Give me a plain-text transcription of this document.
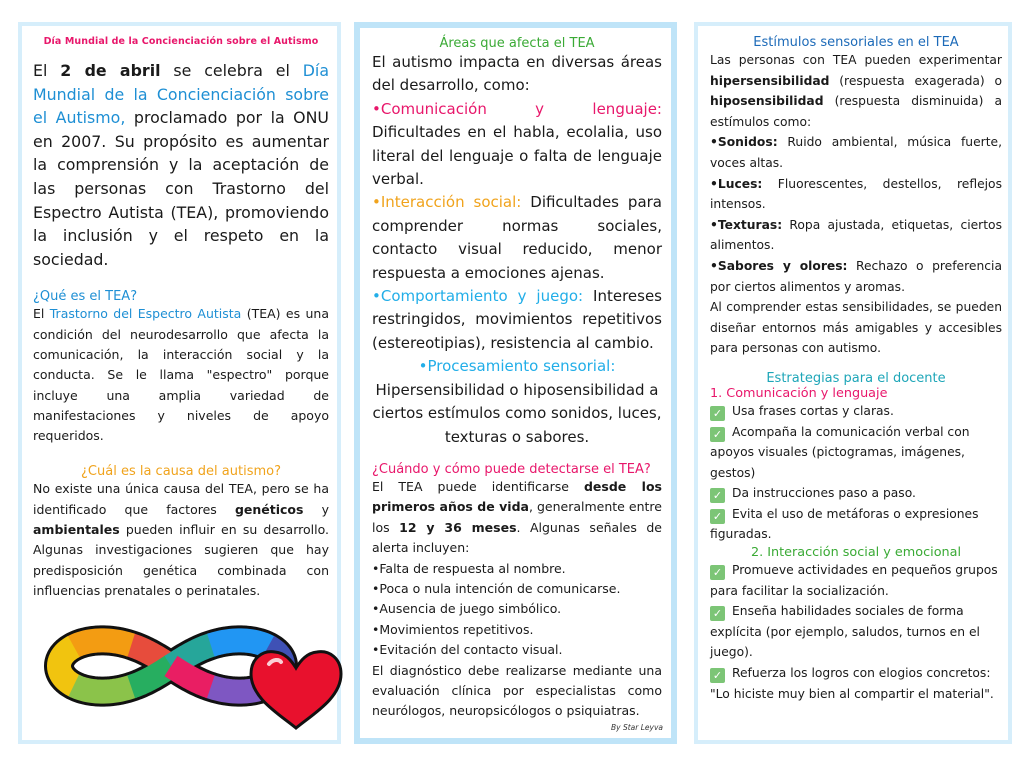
Día Mundial de la Concienciación sobre el Autismo

El 2 de abril se celebra el Día Mundial de la Concienciación sobre el Autismo, proclamado por la ONU en 2007. Su propósito es aumentar la comprensión y la aceptación de las personas con Trastorno del Espectro Autista (TEA), promoviendo la inclusión y el respeto en la sociedad.

¿Qué es el TEA?

El Trastorno del Espectro Autista (TEA) es una condición del neurodesarrollo que afecta la comunicación, la interacción social y la conducta. Se le llama "espectro" porque incluye una amplia variedad de manifestaciones y niveles de apoyo requeridos.

¿Cuál es la causa del autismo?

No existe una única causa del TEA, pero se ha identificado que factores genéticos y ambientales pueden influir en su desarrollo. Algunas investigaciones sugieren que hay predisposición genética combinada con influencias prenatales o perinatales.

Áreas que afecta el TEA

El autismo impacta en diversas áreas del desarrollo, como:

•Comunicación y lenguaje: Dificultades en el habla, ecolalia, uso literal del lenguaje o falta de lenguaje verbal.

•Interacción social: Dificultades para comprender normas sociales, contacto visual reducido, menor respuesta a emociones ajenas.

•Comportamiento y juego: Intereses restringidos, movimientos repetitivos (estereotipias), resistencia al cambio.

•Procesamiento sensorial:

Hipersensibilidad o hiposensibilidad a ciertos estímulos como sonidos, luces, texturas o sabores.

¿Cuándo y cómo puede detectarse el TEA?

El TEA puede identificarse desde los primeros años de vida, generalmente entre los 12 y 36 meses. Algunas señales de alerta incluyen:

•Falta de respuesta al nombre.
•Poca o nula intención de comunicarse.
•Ausencia de juego simbólico.
•Movimientos repetitivos.
•Evitación del contacto visual.

El diagnóstico debe realizarse mediante una evaluación clínica por especialistas como neurólogos, neuropsicólogos o psiquiatras.

By Star Leyva
Estímulos sensoriales en el TEA

Las personas con TEA pueden experimentar hipersensibilidad (respuesta exagerada) o hiposensibilidad (respuesta disminuida) a estímulos como:

•Sonidos: Ruido ambiental, música fuerte, voces altas.

•Luces: Fluorescentes, destellos, reflejos intensos.

•Texturas: Ropa ajustada, etiquetas, ciertos alimentos.

•Sabores y olores: Rechazo o preferencia por ciertos alimentos y aromas.

Al comprender estas sensibilidades, se pueden diseñar entornos más amigables y accesibles para personas con autismo.

Estrategias para el docente
1. Comunicación y lenguaje
✓ Usa frases cortas y claras.
✓ Acompaña la comunicación verbal con apoyos visuales (pictogramas, imágenes, gestos)
✓ Da instrucciones paso a paso.
✓ Evita el uso de metáforas o expresiones figuradas.
2. Interacción social y emocional
✓ Promueve actividades en pequeños grupos para facilitar la socialización.
✓ Enseña habilidades sociales de forma explícita (por ejemplo, saludos, turnos en el juego).
✓ Refuerza los logros con elogios concretos: "Lo hiciste muy bien al compartir el material".
